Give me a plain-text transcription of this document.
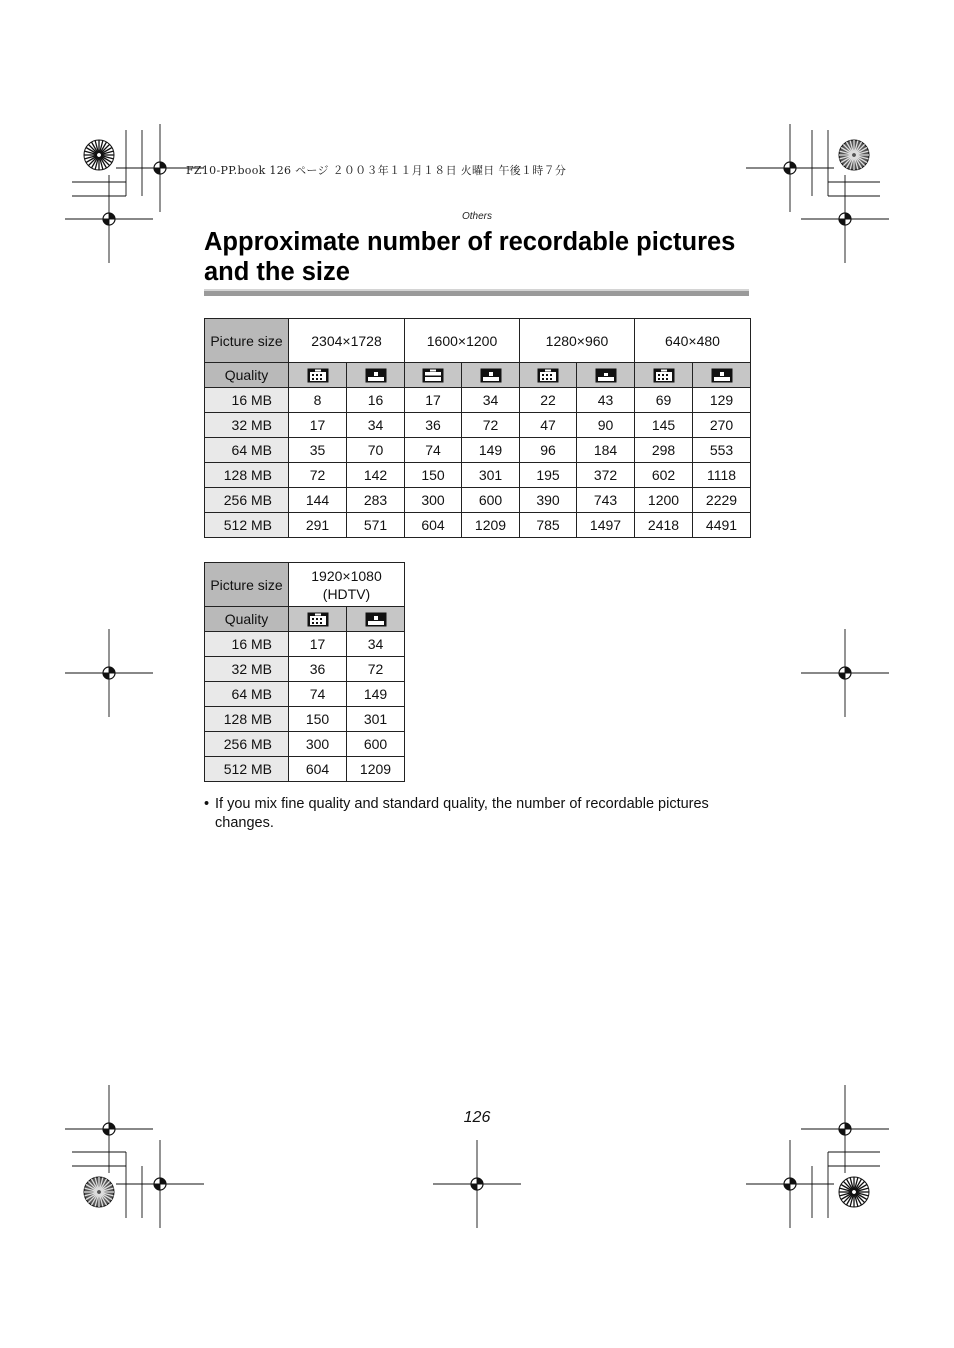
FZ10-PP.book 126 ページ ２００３年１１月１８日 火曜日 午後１時７分
Others
Approximate number of recordable pictures
and the size
Picture size	2304×1728		1600×1200		1280×960		640×480	
Quality								
16 MB	8	16	17	34	22	43	69	129
32 MB	17	34	36	72	47	90	145	270
64 MB	35	70	74	149	96	184	298	553
128 MB	72	142	150	301	195	372	602	1118
256 MB	144	283	300	600	390	743	1200	2229
512 MB	291	571	604	1209	785	1497	2418	4491
Picture size	1920×1080
(HDTV)	
Quality		
16 MB	17	34
32 MB	36	72
64 MB	74	149
128 MB	150	301
256 MB	300	600
512 MB	604	1209
• If you mix fine quality and standard quality, the number of recordable pictures changes.
126
